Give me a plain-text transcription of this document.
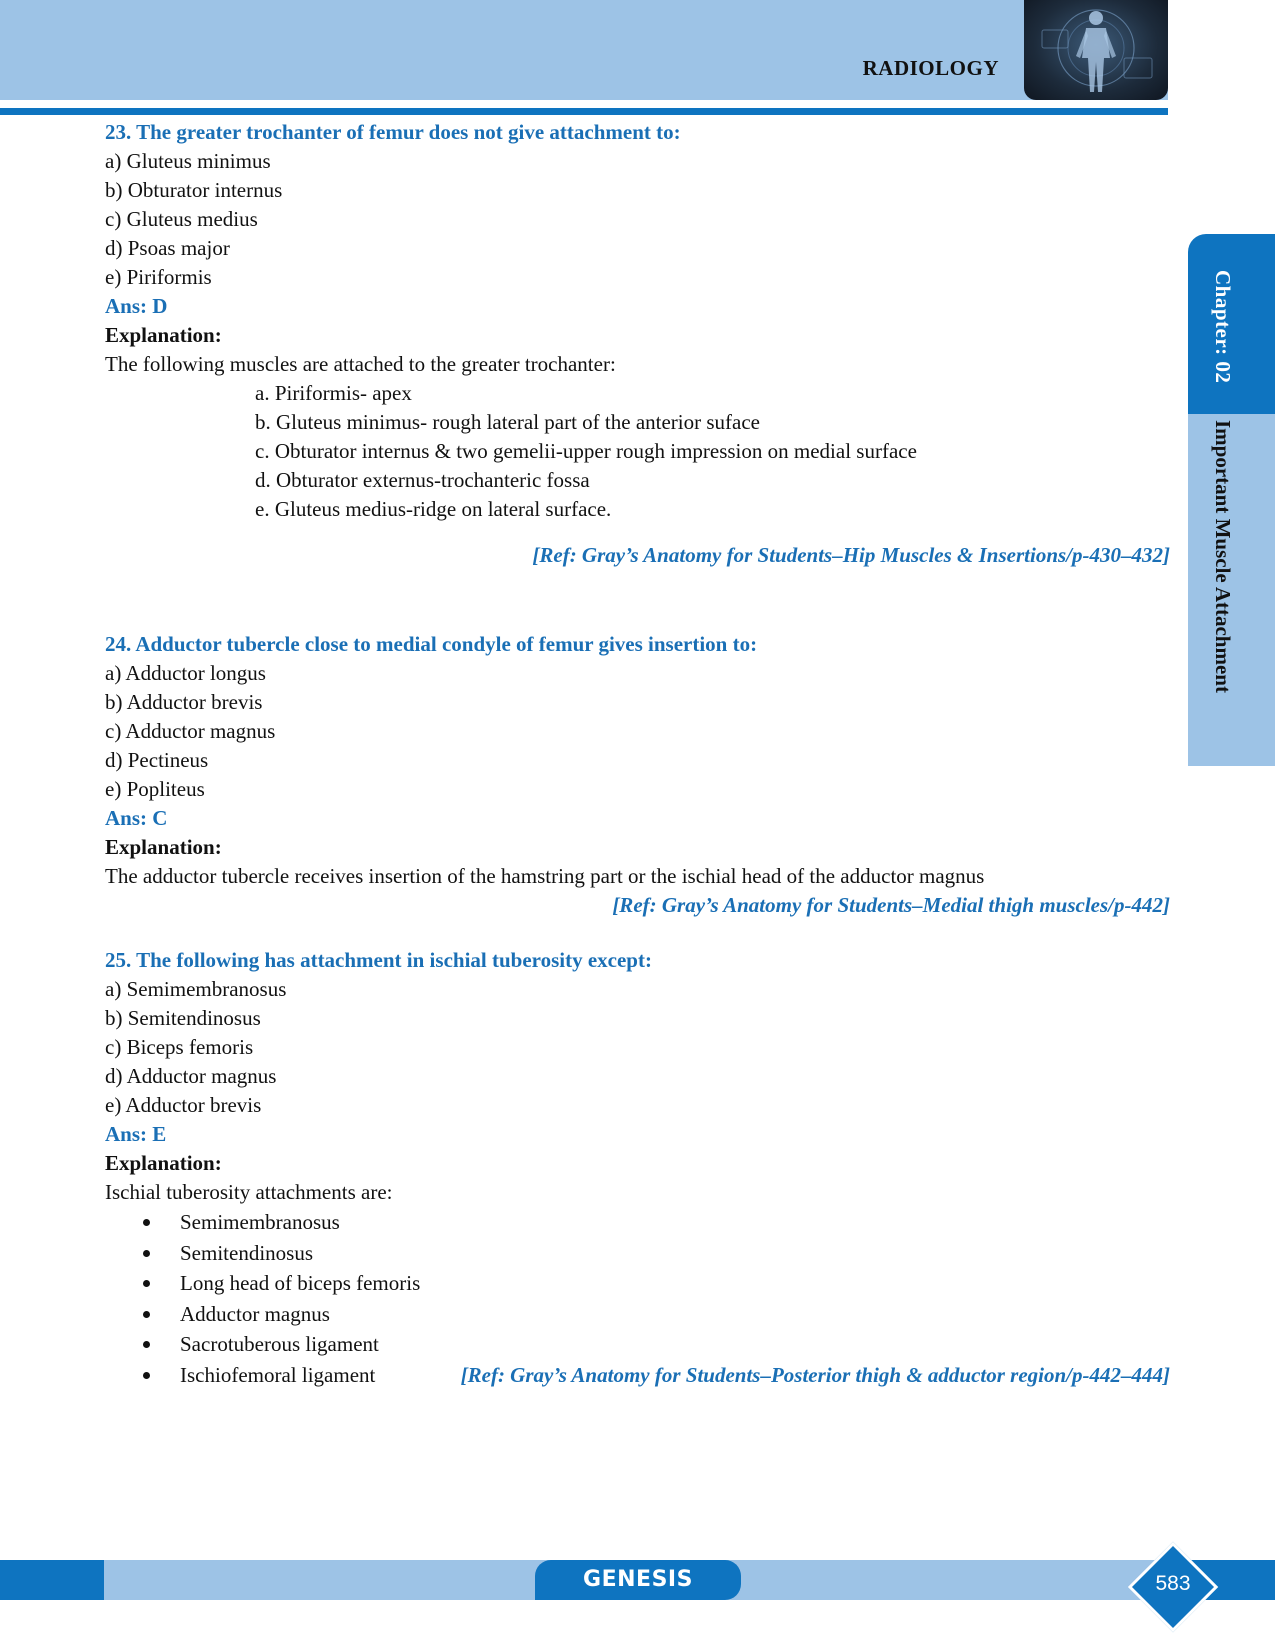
RADIOLOGY
Chapter: 02
Important Muscle Attachment
23. The greater trochanter of femur does not give attachment to:
a) Gluteus minimus
b) Obturator internus
c) Gluteus medius
d) Psoas major
e) Piriformis
Ans: D
Explanation:
The following muscles are attached to the greater trochanter:
a. Piriformis- apex
b. Gluteus minimus- rough lateral part of the anterior suface
c. Obturator internus & two gemelii-upper rough impression on medial surface
d. Obturator externus-trochanteric fossa
e. Gluteus medius-ridge on lateral surface.
[Ref: Gray’s Anatomy for Students–Hip Muscles & Insertions/p-430–432]
24. Adductor tubercle close to medial condyle of femur gives insertion to:
a) Adductor longus
b) Adductor brevis
c) Adductor magnus
d) Pectineus
e) Popliteus
Ans: C
Explanation:
The adductor tubercle receives insertion of the hamstring part or the ischial head of the adductor magnus
[Ref: Gray’s Anatomy for Students–Medial thigh muscles/p-442]
25. The following has attachment in ischial tuberosity except:
a) Semimembranosus
b) Semitendinosus
c) Biceps femoris
d) Adductor magnus
e) Adductor brevis
Ans: E
Explanation:
Ischial tuberosity attachments are:
Semimembranosus
Semitendinosus
Long head of biceps femoris
Adductor magnus
Sacrotuberous ligament
Ischiofemoral ligament	[Ref: Gray’s Anatomy for Students–Posterior thigh & adductor region/p-442–444]
GENESIS	583
